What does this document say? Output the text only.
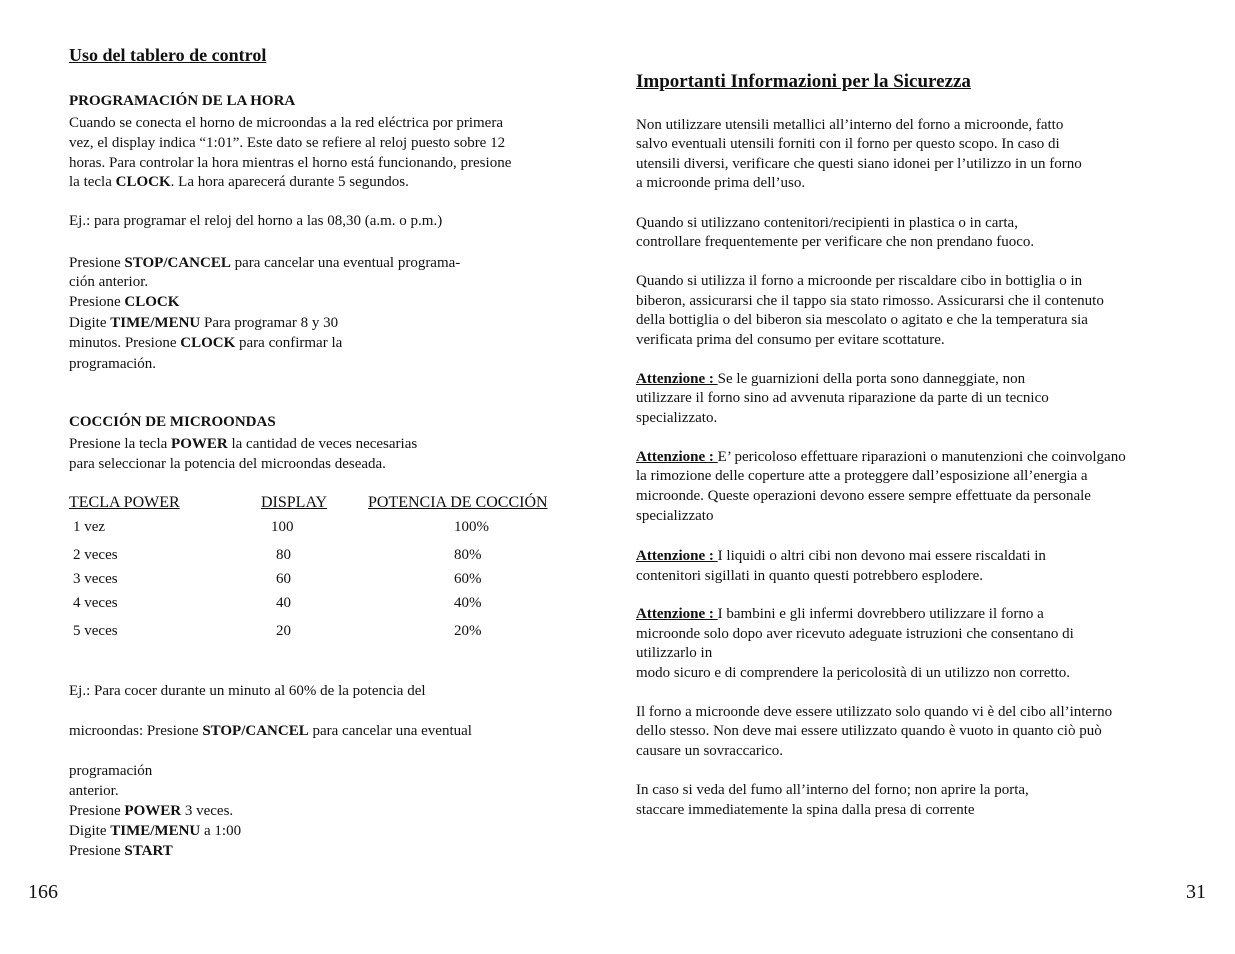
Uso del tablero de control
PROGRAMACIÓN DE LA HORA
Cuando se conecta el horno de microondas a la red eléctrica por primera
vez, el display indica “1:01”. Este dato se refiere al reloj puesto sobre 12
horas. Para controlar la hora mientras el horno está funcionando, presione
la tecla CLOCK. La hora aparecerá durante 5 segundos.
Ej.: para programar el reloj del horno a las 08,30 (a.m. o p.m.)
Presione STOP/CANCEL para cancelar una eventual programa-
ción anterior.
Presione CLOCK
Digite TIME/MENU Para programar 8 y 30
minutos. Presione CLOCK para confirmar la
programación.
COCCIÓN DE MICROONDAS
Presione la tecla POWER la cantidad de veces necesarias
para seleccionar la potencia del microondas deseada.
TECLA POWER	DISPLAY	POTENCIA DE COCCIÓN
1 vez	100	100%
2 veces	80	80%
3 veces	60	60%
4 veces	40	40%
5 veces	20	20%
Ej.: Para cocer durante un minuto al 60% de la potencia del
microondas: Presione STOP/CANCEL para cancelar una eventual
programación
anterior.
Presione POWER 3 veces.
Digite TIME/MENU a 1:00
Presione START
166
Importanti Informazioni per la Sicurezza
Non utilizzare utensili metallici all’interno del forno a microonde, fatto
salvo eventuali utensili forniti con il forno per questo scopo. In caso di
utensili diversi, verificare che questi siano idonei per l’utilizzo in un forno
a microonde prima dell’uso.
Quando si utilizzano contenitori/recipienti in plastica o in carta,
controllare frequentemente per verificare che non prendano fuoco.
Quando si utilizza il forno a microonde per riscaldare cibo in bottiglia o in
biberon, assicurarsi che il tappo sia stato rimosso. Assicurarsi che il contenuto
della bottiglia o del biberon sia mescolato o agitato e che la temperatura sia
verificata prima del consumo per evitare scottature.
Attenzione : Se le guarnizioni della porta sono danneggiate, non
utilizzare il forno sino ad avvenuta riparazione da parte di un tecnico
specializzato.
Attenzione : E’ pericoloso effettuare riparazioni o manutenzioni che coinvolgano
la rimozione delle coperture atte a proteggere dall’esposizione all’energia a
microonde. Queste operazioni devono essere sempre effettuate da personale
specializzato
Attenzione : I liquidi o altri cibi non devono mai essere riscaldati in
contenitori sigillati in quanto questi potrebbero esplodere.
Attenzione : I bambini e gli infermi dovrebbero utilizzare il forno a
microonde solo dopo aver ricevuto adeguate istruzioni che consentano di
utilizzarlo in
modo sicuro e di comprendere la pericolosità di un utilizzo non corretto.
Il forno a microonde deve essere utilizzato solo quando vi è del cibo all’interno
dello stesso. Non deve mai essere utilizzato quando è vuoto in quanto ciò può
causare un sovraccarico.
In caso si veda del fumo all’interno del forno; non aprire la porta,
staccare immediatemente la spina dalla presa di corrente
31
